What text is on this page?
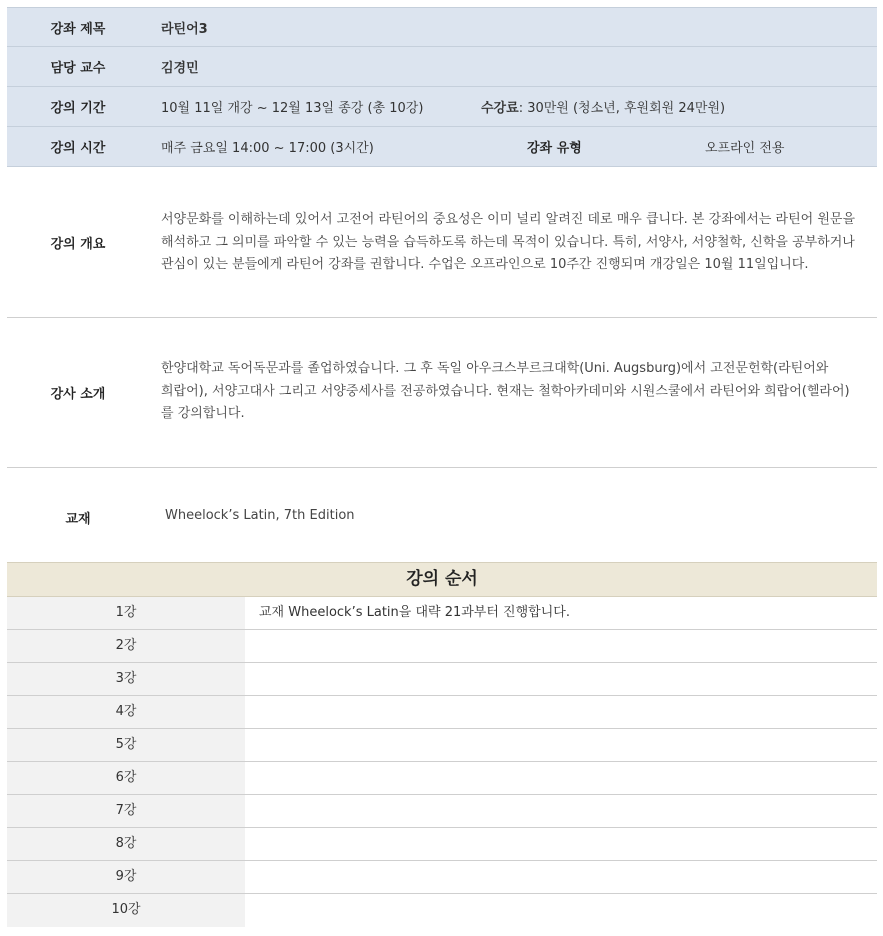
강좌 제목	라틴어3
담당 교수	김경민
강의 기간	10월 11일 개강 ~ 12월 13일 종강 (총 10강)	수강료: 30만원 (청소년, 후원회원 24만원)
강의 시간	매주 금요일 14:00 ~ 17:00 (3시간)	강좌 유형	오프라인 전용
강의 개요
서양문화를 이해하는데 있어서 고전어 라틴어의 중요성은 이미 널리 알려진 데로 매우 큽니다. 본 강좌에서는 라틴어 원문을 해석하고 그 의미를 파악할 수 있는 능력을 습득하도록 하는데 목적이 있습니다. 특히, 서양사, 서양철학, 신학을 공부하거나 관심이 있는 분들에게 라틴어 강좌를 권합니다. 수업은 오프라인으로 10주간 진행되며 개강일은 10월 11일입니다.
강사 소개
한양대학교 독어독문과를 졸업하였습니다. 그 후 독일 아우크스부르크대학(Uni. Augsburg)에서 고전문헌학(라틴어와 희랍어), 서양고대사 그리고 서양중세사를 전공하였습니다. 현재는 철학아카데미와 시원스쿨에서 라틴어와 희랍어(헬라어)를 강의합니다.
교재	Wheelock’s Latin, 7th Edition
강의 순서
1강	교재 Wheelock’s Latin을 대략 21과부터 진행합니다.
2강
3강
4강
5강
6강
7강
8강
9강
10강
